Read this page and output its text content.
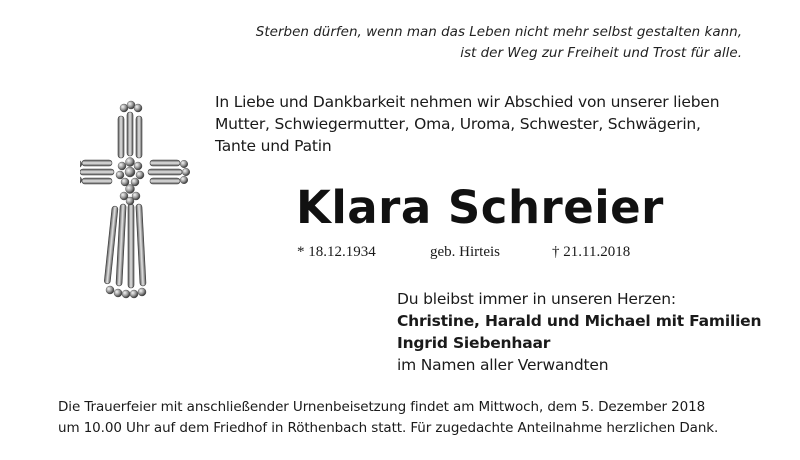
Sterben dürfen, wenn man das Leben nicht mehr selbst gestalten kann,
ist der Weg zur Freiheit und Trost für alle.
In Liebe und Dankbarkeit nehmen wir Abschied von unserer lieben
Mutter, Schwiegermutter, Oma, Uroma, Schwester, Schwägerin,
Tante und Patin
Klara Schreier
* 18.12.1934	geb. Hirteis	† 21.11.2018
Du bleibst immer in unseren Herzen:
Christine, Harald und Michael mit Familien
Ingrid Siebenhaar
im Namen aller Verwandten
Die Trauerfeier mit anschließender Urnenbeisetzung findet am Mittwoch, dem 5. Dezember 2018
um 10.00 Uhr auf dem Friedhof in Röthenbach statt. Für zugedachte Anteilnahme herzlichen Dank.
